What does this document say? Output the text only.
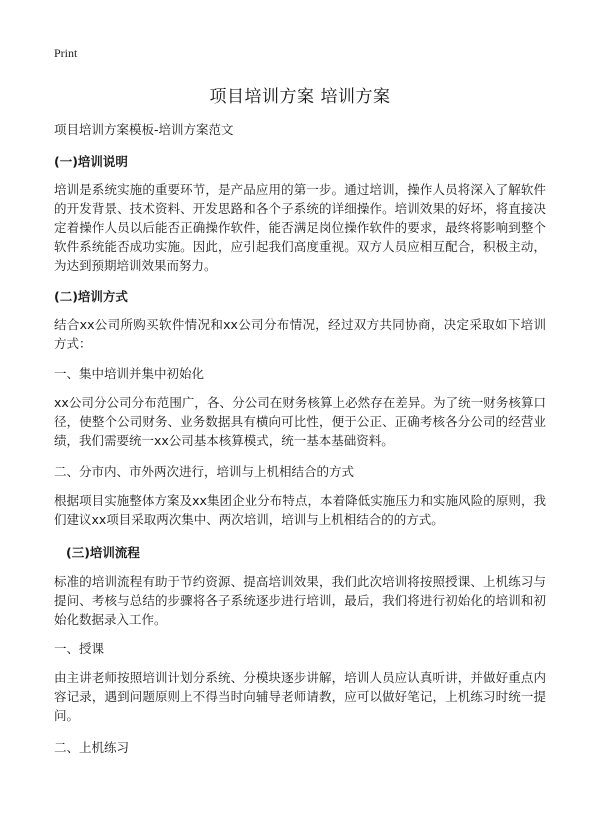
Print
项目培训方案 培训方案
项目培训方案模板-培训方案范文
(一)培训说明

培训是系统实施的重要环节，是产品应用的第一步。通过培训，操作人员将深入了解软件的开发背景、技术资料、开发思路和各个子系统的详细操作。培训效果的好坏，将直接决定着操作人员以后能否正确操作软件，能否满足岗位操作软件的要求，最终将影响到整个软件系统能否成功实施。因此，应引起我们高度重视。双方人员应相互配合，积极主动，为达到预期培训效果而努力。

(二)培训方式

结合xx公司所购买软件情况和xx公司分布情况，经过双方共同协商，决定采取如下培训方式：

一、集中培训并集中初始化

xx公司分公司分布范围广，各、分公司在财务核算上必然存在差异。为了统一财务核算口径，使整个公司财务、业务数据具有横向可比性，便于公正、正确考核各分公司的经营业绩，我们需要统一xx公司基本核算模式，统一基本基础资料。

二、分市内、市外两次进行，培训与上机相结合的方式

根据项目实施整体方案及xx集团企业分布特点，本着降低实施压力和实施风险的原则，我们建议xx项目采取两次集中、两次培训，培训与上机相结合的的方式。

(三)培训流程

标准的培训流程有助于节约资源、提高培训效果，我们此次培训将按照授课、上机练习与提问、考核与总结的步骤将各子系统逐步进行培训，最后，我们将进行初始化的培训和初始化数据录入工作。

一、授课

由主讲老师按照培训计划分系统、分模块逐步讲解，培训人员应认真听讲，并做好重点内容记录，遇到问题原则上不得当时向辅导老师请教，应可以做好笔记，上机练习时统一提问。

二、上机练习
